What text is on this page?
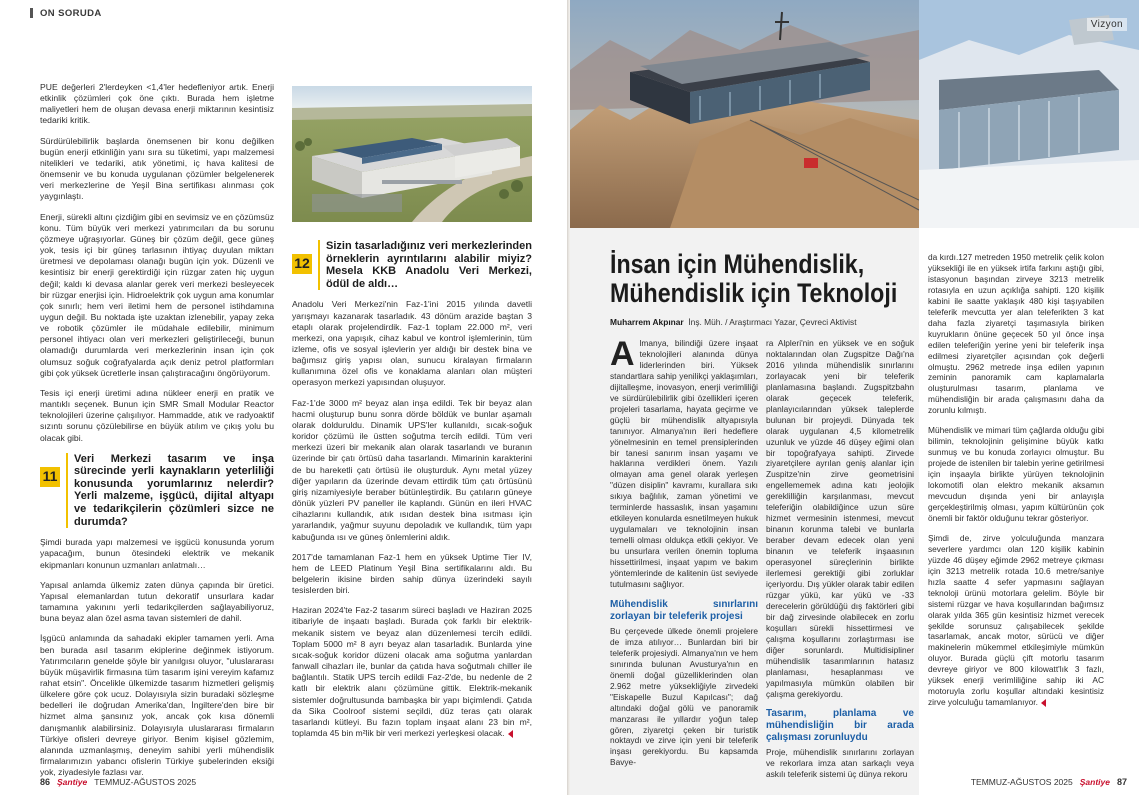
ON SORUDA

PUE değerleri 2'lerdeyken <1,4'ler hedefleniyor artık. Enerji etkinlik çözümleri çok öne çıktı. Burada hem işletme maliyetleri hem de oluşan devasa enerji miktarının kesintisiz tedariki kritik.

Sürdürülebilirlik başlarda önemsenen bir konu değilken bugün enerji etkinliğin yanı sıra su tüketimi, yapı malzemesi nitelikleri ve tedariki, atık yönetimi, iç hava kalitesi de önemsenir ve bu konuda uygulanan çözümler belgelenerek veri merkezlerine de Yeşil Bina sertifikası alınması çok yaygınlaştı.

Enerji, sürekli altını çizdiğim gibi en sevimsiz ve en çözümsüz konu. Tüm büyük veri merkezi yatırımcıları da bu sorunu çözmeye uğraşıyorlar. Güneş bir çözüm değil, gece güneş yok, tesis içi bir güneş tarlasının ihtiyaç duyulan miktarı üretmesi ve depolaması olanağı bugün için yok. Düzenli ve kesintisiz bir enerji gerektirdiği için rüzgar zaten hiç uygun değil; kaldı ki devasa alanlar gerek veri merkezi besleyecek bir rüzgar enerjisi için. Hidroelektrik çok uygun ama konumlar çok sınırlı; hem veri iletimi hem de personel istihdamına uygun değil. Bu noktada işte uzaktan izlenebilir, yapay zeka ve robotik çözümler ile müdahale edilebilir, minimum personel ihtiyacı olan veri merkezleri geliştirileceği, bunun olamadığı durumlarda veri merkezlerinin insan için çok olumsuz soğuk coğrafyalarda açık deniz petrol platformları gibi çok yüksek ücretlerle insan çalıştıracağını öngörüyorum.

Tesis içi enerji üretimi adına nükleer enerji en pratik ve mantıklı seçenek. Bunun için SMR Small Modular Reactor teknolojileri üzerine çalışılıyor. Hammadde, atık ve radyoaktif sızıntı sorunu çözülebilirse en büyük atılım ve çıkış yolu bu olacak gibi.

11
Veri Merkezi tasarım ve inşa sürecinde yerli kaynakların yeterliliği konusunda yorumlarınız nelerdir? Yerli malzeme, işgücü, dijital altyapı ve tedarikçilerin çözümleri sizce ne durumda?

Şimdi burada yapı malzemesi ve işgücü konusunda yorum yapacağım, bunun ötesindeki elektrik ve mekanik ekipmanları konunun uzmanları anlatmalı…

Yapısal anlamda ülkemiz zaten dünya çapında bir üretici. Yapısal elemanlardan tutun dekoratif unsurlara kadar tamamına yakınını yerli tedarikçilerden sağlayabiliyoruz, buna beyaz alan özel asma tavan sistemleri de dahil.

İşgücü anlamında da sahadaki ekipler tamamen yerli. Ama ben burada asıl tasarım ekiplerine değinmek istiyorum. Yatırımcıların genelde şöyle bir yanılgısı oluyor, "uluslararası büyük müşavirlik firmasına tüm tasarım işini vereyim kafamız rahat etsin". Öncelikle ülkemizde tasarım hizmetleri gelişmiş ülkelere göre çok ucuz. Dolayısıyla sizin buradaki sözleşme bedelleri ile doğrudan Amerika'dan, İngiltere'den bire bir hizmet alma şansınız yok, ancak çok kısa dönemli danışmanlık alabilirsiniz. Dolayısıyla uluslararası firmaların Türkiye ofisleri devreye giriyor. Benim kişisel gözlemim, alanında uzmanlaşmış, deneyim sahibi yerli mühendislik firmalarımızın yabancı ofislerin Türkiye şubelerinden eksiği yok, ziyadesiyle fazlası var.

12
Sizin tasarladığınız veri merkezlerinden örneklerin ayrıntılarını alabilir miyiz? Mesela KKB Anadolu Veri Merkezi, ödül de aldı…

Anadolu Veri Merkezi'nin Faz-1'ini 2015 yılında davetli yarışmayı kazanarak tasarladık. 43 dönüm arazide baştan 3 etaplı olarak projelendirdik. Faz-1 toplam 22.000 m², veri merkezi, ona yapışık, cihaz kabul ve kontrol işlemlerinin, tüm izleme, ofis ve sosyal işlevlerin yer aldığı bir destek bina ve bağımsız giriş yapısı olan, sunucu kiralayan firmaların kullanımına özel ofis ve konaklama alanları olan müşteri operasyon merkezi yapısından oluşuyor.

Faz-1'de 3000 m² beyaz alan inşa edildi. Tek bir beyaz alan hacmi oluşturup bunu sonra dörde böldük ve bunlar aşamalı olarak dolduruldu. Dinamik UPS'ler kullanıldı, sıcak-soğuk koridor çözümü ile üstten soğutma tercih edildi. Tüm veri merkezi üzeri bir mekanik alan olarak tasarlandı ve buranın üzerinde bir çatı örtüsü daha tasarlandı. Mimarinin karakterini de bu hareketli çatı örtüsü ile oluşturduk. Aynı metal yüzey diğer yapıların da üzerinde devam ettirdik tüm çatı örtüsünü giriş nizamiyesiyle beraber bütünleştirdik. Bu çatıların güneye dönük yüzleri PV paneller ile kaplandı. Günün en ileri HVAC cihazlarını kullandık, atık ısıdan destek bina ısıtması için yararlandık, yağmur suyunu depoladık ve kullandık, tüm yapı kabuğunda ısı ve güneş önlemlerini aldık.

2017'de tamamlanan Faz-1 hem en yüksek Uptime Tier IV, hem de LEED Platinum Yeşil Bina sertifikalarını aldı. Bu belgelerin ikisine birden sahip dünya üzerindeki sayılı tesislerden biri.

Haziran 2024'te Faz-2 tasarım süreci başladı ve Haziran 2025 itibariyle de inşaatı başladı. Burada çok farklı bir elektrik-mekanik sistem ve beyaz alan düzenlemesi tercih edildi. Toplam 5000 m² 8 ayrı beyaz alan tasarladık. Bunlarda yine sıcak-soğuk koridor düzeni olacak ama soğutma yanlardan fanwall cihazları ile, bunlar da çatıda hava soğutmalı chiller ile bağlantılı. Statik UPS tercih edildi Faz-2'de, bu nedenle de 2 katlı bir elektrik alanı çözümüne gittik. Elektrik-mekanik sistemler doğrultusunda bambaşka bir yapı biçimlendi. Çatıda da Sika Coolroof sistemi seçildi, düz teras çatı olarak tasarlandı kütleyi. Bu fazın toplam inşaat alanı 23 bin m², toplamda 45 bin m²lik bir veri merkezi yerleşkesi olacak.

86 Şantiye TEMMUZ-AĞUSTOS 2025
Vizyon
İnsan için Mühendislik, Mühendislik için Teknoloji
Muharrem Akpınar İnş. Müh. / Araştırmacı Yazar, Çevreci Aktivist

Almanya, bilindiği üzere inşaat teknolojileri alanında dünya liderlerinden biri. Yüksek standartlara sahip yenilikçi yaklaşımları, dijitalleşme, inovasyon, enerji verimliliği ve sürdürülebilirlik gibi özellikleri içeren projeleri tasarlama, hayata geçirme ve güçlü bir mühendislik altyapısıyla tanınıyor. Almanya'nın ileri hedeflere yönelmesinin en temel prensiplerinden bir tanesi sanırım insan yaşamı ve haklarına verdikleri önem. Yazılı olmayan ama genel olarak yerleşen "düzen disiplin" kavramı, kurallara sıkı sıkıya bağlılık, zaman yönetimi ve terminlerde hassaslık, insan yaşamını etkileyen konularda esnetilmeyen hukuk uygulamaları ve teknolojinin insan temelli olması oldukça etkili çekiyor. Ve bu unsurlara verilen önemin topluma hissettirilmesi, inşaat yapım ve bakım yöntemlerinde de kalitenin üst seviyede tutulmasını sağlıyor.

Mühendislik sınırlarını zorlayan bir teleferik projesi

Bu çerçevede ülkede önemli projelere de imza atılıyor… Bunlardan biri bir teleferik projesiydi. Almanya'nın ve hem sınırında bulunan Avusturya'nın en önemli doğal güzelliklerinden olan 2.962 metre yüksekliğiyle zirvedeki "Eiskapelle Buzul Kapılcası"; dağ altındaki doğal gölü ve panoramik manzarası ile yıllardır yoğun talep gören, ziyaretçi çeken bir turistik noktaydı ve zirve için yeni bir teleferik inşası gerekiyordu. Bu kapsamda Bavye-

ra Alpleri'nin en yüksek ve en soğuk noktalarından olan Zugspitze Dağı'na 2016 yılında mühendislik sınırlarını zorlayacak yeni bir teleferik planlamasına başlandı. Zugspitzbahn olarak geçecek teleferik, planlayıcılarından yüksek taleplerde bulunan bir projeydi. Dünyada tek olarak uygulanan 4,5 kilometrelik uzunluk ve yüzde 46 düşey eğimi olan bir topoğrafyaya sahipti. Zirvede ziyaretçilere ayrılan geniş alanlar için Zuspitze'nin zirve geometrisini engellememek adına katı jeolojik gereklilliğin karşılanması, mevcut teleferiğin olabildiğince uzun süre hizmet vermesinin istenmesi, mevcut binanın korunma talebi ve bunlarla beraber devam edecek olan yeni binanın ve teleferik inşaasının operasyonel süreçlerinin birlikte ilerlemesi gerektiği gibi zorluklar içeriyordu. Dış yükler olarak tabir edilen rüzgar yükü, kar yükü ve -33 derecelerin görüldüğü dış faktörleri gibi bir dağ zirvesinde olabilecek en zorlu koşulları sürekli hissettirmesi ve çalışma koşullarını zorlaştırması ise diğer sorunlardı. Multidisipliner mühendislik tasarımlarının hatasız planlaması, hesaplanması ve yapılmasıyla mümkün olabilen bir çalışma gerekiyordu.

Tasarım, planlama ve mühendisliğin bir arada çalışması zorunluydu

Proje, mühendislik sınırlarını zorlayan ve rekorlara imza atan sarkaçlı veya askılı teleferik sistemi üç dünya rekoru

da kırdı.127 metreden 1950 metrelik çelik kolon yüksekliği ile en yüksek irtifa farkını aştığı gibi, istasyonun başından zirveye 3213 metrelik rotasıyla en uzun açıklığa sahipti. 120 kişilik kabini ile saatte yaklaşık 480 kişi taşıyabilen teleferik mevcutta yer alan teleferikten 3 kat daha fazla ziyaretçi taşımasıyla biriken kuyrukların önüne geçecek 50 yıl önce inşa edilen teleferiğin yerine yeni bir teleferik inşa edilmesi ziyaretçiler açısından çok değerli olmuştu. 2962 metrede inşa edilen yapının zeminin panoramik cam kaplamalarla oluşturulması tasarım, planlama ve mühendisliğin bir arada çalışmasını daha da zorunlu kılmıştı.

Mühendislik ve mimari tüm çağlarda olduğu gibi bilimin, teknolojinin gelişimine büyük katkı sunmuş ve bu konuda zorlayıcı olmuştur. Bu projede de istenilen bir talebin yerine getirilmesi için inşaayla birlikte yürüyen teknolojinin lokomotifi olan elektro mekanik aksamın mevcudun dışında yeni bir anlayışla gerçekleştirilmiş olması, yapım kültürünün çok önemli bir faktör olduğunu tekrar gösteriyor.

Şimdi de, zirve yolculuğunda manzara severlere yardımcı olan 120 kişilik kabinin yüzde 46 düşey eğimde 2962 metreye çıkması için 3213 metrelik rotada 10.6 metre/saniye hızla saatte 4 sefer yapmasını sağlayan teknoloji ürünü motorlara gelelim. Böyle bir sistemi rüzgar ve hava koşullarından bağımsız olarak yılda 365 gün kesintisiz hizmet verecek şekilde sorunsuz çalışabilecek şekilde tasarlamak, ancak motor, sürücü ve diğer makinelerin mükemmel etkileşimiyle mümkün oluyor. Burada güçlü çift motorlu tasarım devreye giriyor ve 800 kilowatt'lık 3 fazlı, yüksek enerji verimliliğine sahip iki AC motoruyla zorlu koşullar altındaki kesintisiz zirve yolculuğu tamamlanıyor.

TEMMUZ-AĞUSTOS 2025 Şantiye 87
